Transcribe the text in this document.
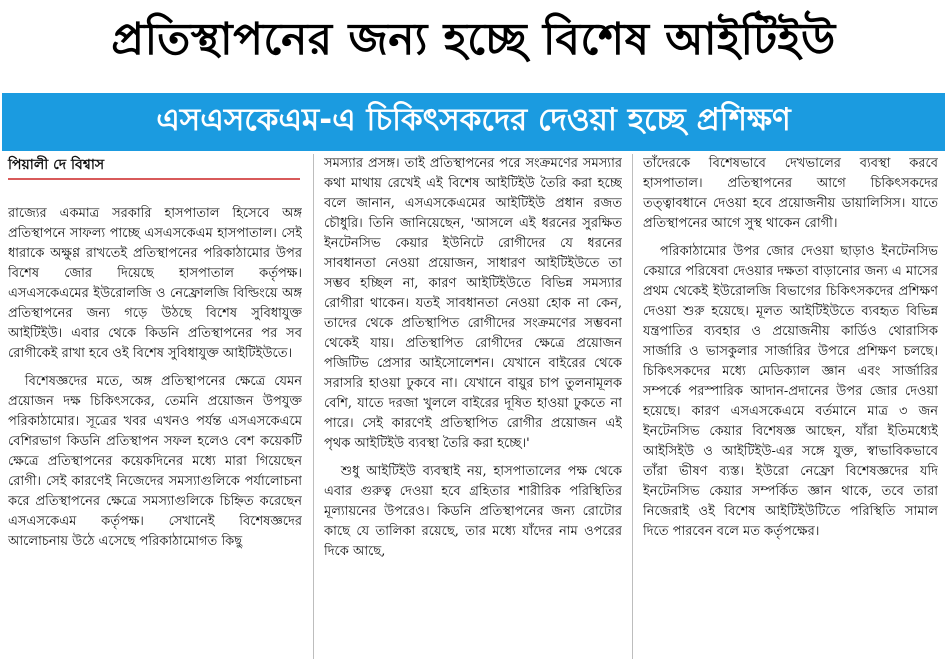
প্রতিস্থাপনের জন্য হচ্ছে বিশেষ আইটিইউ
এসএসকেএম-এ চিকিৎসকদের দেওয়া হচ্ছে প্রশিক্ষণ
পিয়ালী দে বিশ্বাস

রাজ্যের একমাত্র সরকারি হাসপাতাল হিসেবে অঙ্গ প্রতিস্থাপনে সাফল্য পাচ্ছে এসএসকেএম হাসপাতাল। সেই ধারাকে অক্ষুণ্ণ রাখতেই প্রতিস্থাপনের পরিকাঠামোর উপর বিশেষ জোর দিয়েছে হাসপাতাল কর্তৃপক্ষ। এসএসকেএমের ইউরোলজি ও নেফ্রোলজি বিল্ডিংয়ে অঙ্গ প্রতিস্থাপনের জন্য গড়ে উঠছে বিশেষ সুবিধাযুক্ত আইটিইউ। এবার থেকে কিডনি প্রতিস্থাপনের পর সব রোগীকেই রাখা হবে ওই বিশেষ সুবিধাযুক্ত আইটিইউতে।

বিশেষজ্ঞদের মতে, অঙ্গ প্রতিস্থাপনের ক্ষেত্রে যেমন প্রয়োজন দক্ষ চিকিৎসকের, তেমনি প্রয়োজন উপযুক্ত পরিকাঠামোর। সূত্রের খবর এখনও পর্যন্ত এসএসকেএমে বেশিরভাগ কিডনি প্রতিস্থাপন সফল হলেও বেশ কয়েকটি ক্ষেত্রে প্রতিস্থাপনের কয়েকদিনের মধ্যে মারা গিয়েছেন রোগী। সেই কারণেই নিজেদের সমস্যাগুলিকে পর্যালোচনা করে প্রতিস্থাপনের ক্ষেত্রে সমস্যাগুলিকে চিহ্নিত করেছেন এসএসকেএম কর্তৃপক্ষ। সেখানেই বিশেষজ্ঞদের আলোচনায় উঠে এসেছে পরিকাঠামোগত কিছু

সমস্যার প্রসঙ্গ। তাই প্রতিস্থাপনের পরে সংক্রমণের সমস্যার কথা মাথায় রেখেই এই বিশেষ আইটিইউ তৈরি করা হচ্ছে বলে জানান, এসএসকেএমের আইটিইউ প্রধান রজত চৌধুরি। তিনি জানিয়েছেন, 'আসলে এই ধরনের সুরক্ষিত ইনটেনসিভ কেয়ার ইউনিটে রোগীদের যে ধরনের সাবধানতা নেওয়া প্রয়োজন, সাধারণ আইটিইউতে তা সম্ভব হচ্ছিল না, কারণ আইটিইউতে বিভিন্ন সমস্যার রোগীরা থাকেন। যতই সাবধানতা নেওয়া হোক না কেন, তাদের থেকে প্রতিস্থাপিত রোগীদের সংক্রমণের সম্ভবনা থেকেই যায়। প্রতিস্থাপিত রোগীদের ক্ষেত্রে প্রয়োজন পজিটিভ প্রেসার আইসোলেশন। যেখানে বাইরের থেকে সরাসরি হাওয়া ঢুকবে না। যেখানে বায়ুর চাপ তুলনামূলক বেশি, যাতে দরজা খুললে বাইরের দূষিত হাওয়া ঢুকতে না পারে। সেই কারণেই প্রতিস্থাপিত রোগীর প্রয়োজন এই পৃথক আইটিইউ ব্যবস্থা তৈরি করা হচ্ছে।'

শুধু আইটিইউ ব্যবস্থাই নয়, হাসপাতালের পক্ষ থেকে এবার গুরুত্ব দেওয়া হবে গ্রহিতার শারীরিক পরিস্থিতির মূল্যায়নের উপরেও। কিডনি প্রতিস্থাপনের জন্য রোটোর কাছে যে তালিকা রয়েছে, তার মধ্যে যাঁদের নাম ওপরের দিকে আছে,

তাঁদেরকে বিশেষভাবে দেখভালের ব্যবস্থা করবে হাসপাতাল। প্রতিস্থাপনের আগে চিকিৎসকদের তত্ত্বাবধানে দেওয়া হবে প্রয়োজনীয় ডায়ালিসিস। যাতে প্রতিস্থাপনের আগে সুস্থ থাকেন রোগী।

পরিকাঠামোর উপর জোর দেওয়া ছাড়াও ইনটেনসিভ কেয়ারে পরিষেবা দেওয়ার দক্ষতা বাড়ানোর জন্য এ মাসের প্রথম থেকেই ইউরোলজি বিভাগের চিকিৎসকদের প্রশিক্ষণ দেওয়া শুরু হয়েছে। মূলত আইটিইউতে ব্যবহৃত বিভিন্ন যন্ত্রপাতির ব্যবহার ও প্রয়োজনীয় কার্ডিও থোরাসিক সার্জারি ও ভাসকুলার সার্জারির উপরে প্রশিক্ষণ চলছে। চিকিৎসকদের মধ্যে মেডিক্যাল জ্ঞান এবং সার্জারির সম্পর্কে পরস্পারিক আদান-প্রদানের উপর জোর দেওয়া হয়েছে। কারণ এসএসকেএমে বর্তমানে মাত্র ৩ জন ইনটেনসিভ কেয়ার বিশেষজ্ঞ আছেন, যাঁরা ইতিমধ্যেই আইসিইউ ও আইটিইউ-এর সঙ্গে যুক্ত, স্বাভাবিকভাবে তাঁরা ভীষণ ব্যস্ত। ইউরো নেফ্রো বিশেষজ্ঞদের যদি ইনটেনসিভ কেয়ার সম্পর্কিত জ্ঞান থাকে, তবে তারা নিজেরাই ওই বিশেষ আইটিইউটিতে পরিস্থিতি সামাল দিতে পারবেন বলে মত কর্তৃপক্ষের।
